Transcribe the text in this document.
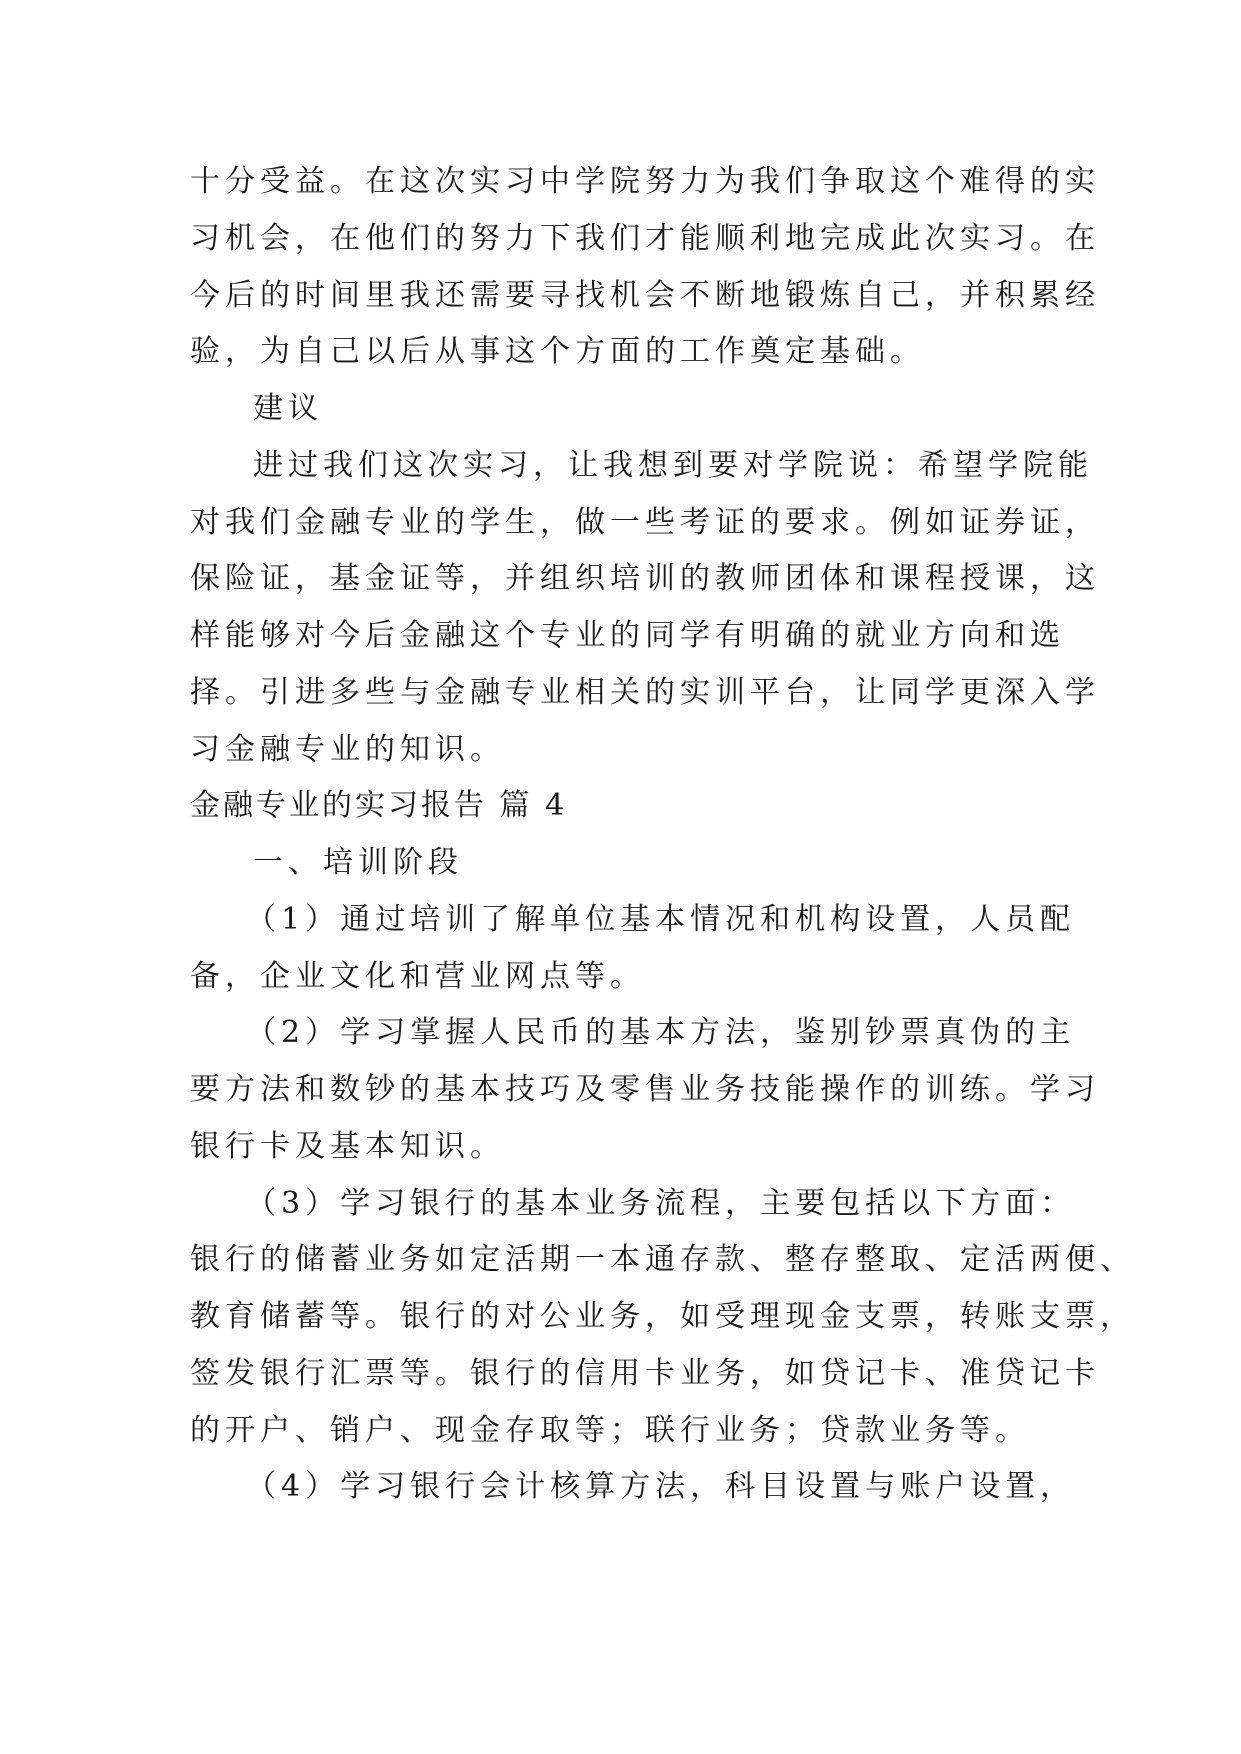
十分受益。在这次实习中学院努力为我们争取这个难得的实
习机会，在他们的努力下我们才能顺利地完成此次实习。在
今后的时间里我还需要寻找机会不断地锻炼自己，并积累经
验，为自己以后从事这个方面的工作奠定基础。
建议
进过我们这次实习，让我想到要对学院说：希望学院能
对我们金融专业的学生，做一些考证的要求。例如证券证，
保险证，基金证等，并组织培训的教师团体和课程授课，这
样能够对今后金融这个专业的同学有明确的就业方向和选
择。引进多些与金融专业相关的实训平台，让同学更深入学
习金融专业的知识。
金融专业的实习报告 篇 4
一、培训阶段
（1）通过培训了解单位基本情况和机构设置，人员配
备，企业文化和营业网点等。
（2）学习掌握人民币的基本方法，鉴别钞票真伪的主
要方法和数钞的基本技巧及零售业务技能操作的训练。学习
银行卡及基本知识。
（3）学习银行的基本业务流程，主要包括以下方面：
银行的储蓄业务如定活期一本通存款、整存整取、定活两便、
教育储蓄等。银行的对公业务，如受理现金支票，转账支票，
签发银行汇票等。银行的信用卡业务，如贷记卡、准贷记卡
的开户、销户、现金存取等；联行业务；贷款业务等。
（4）学习银行会计核算方法，科目设置与账户设置，
